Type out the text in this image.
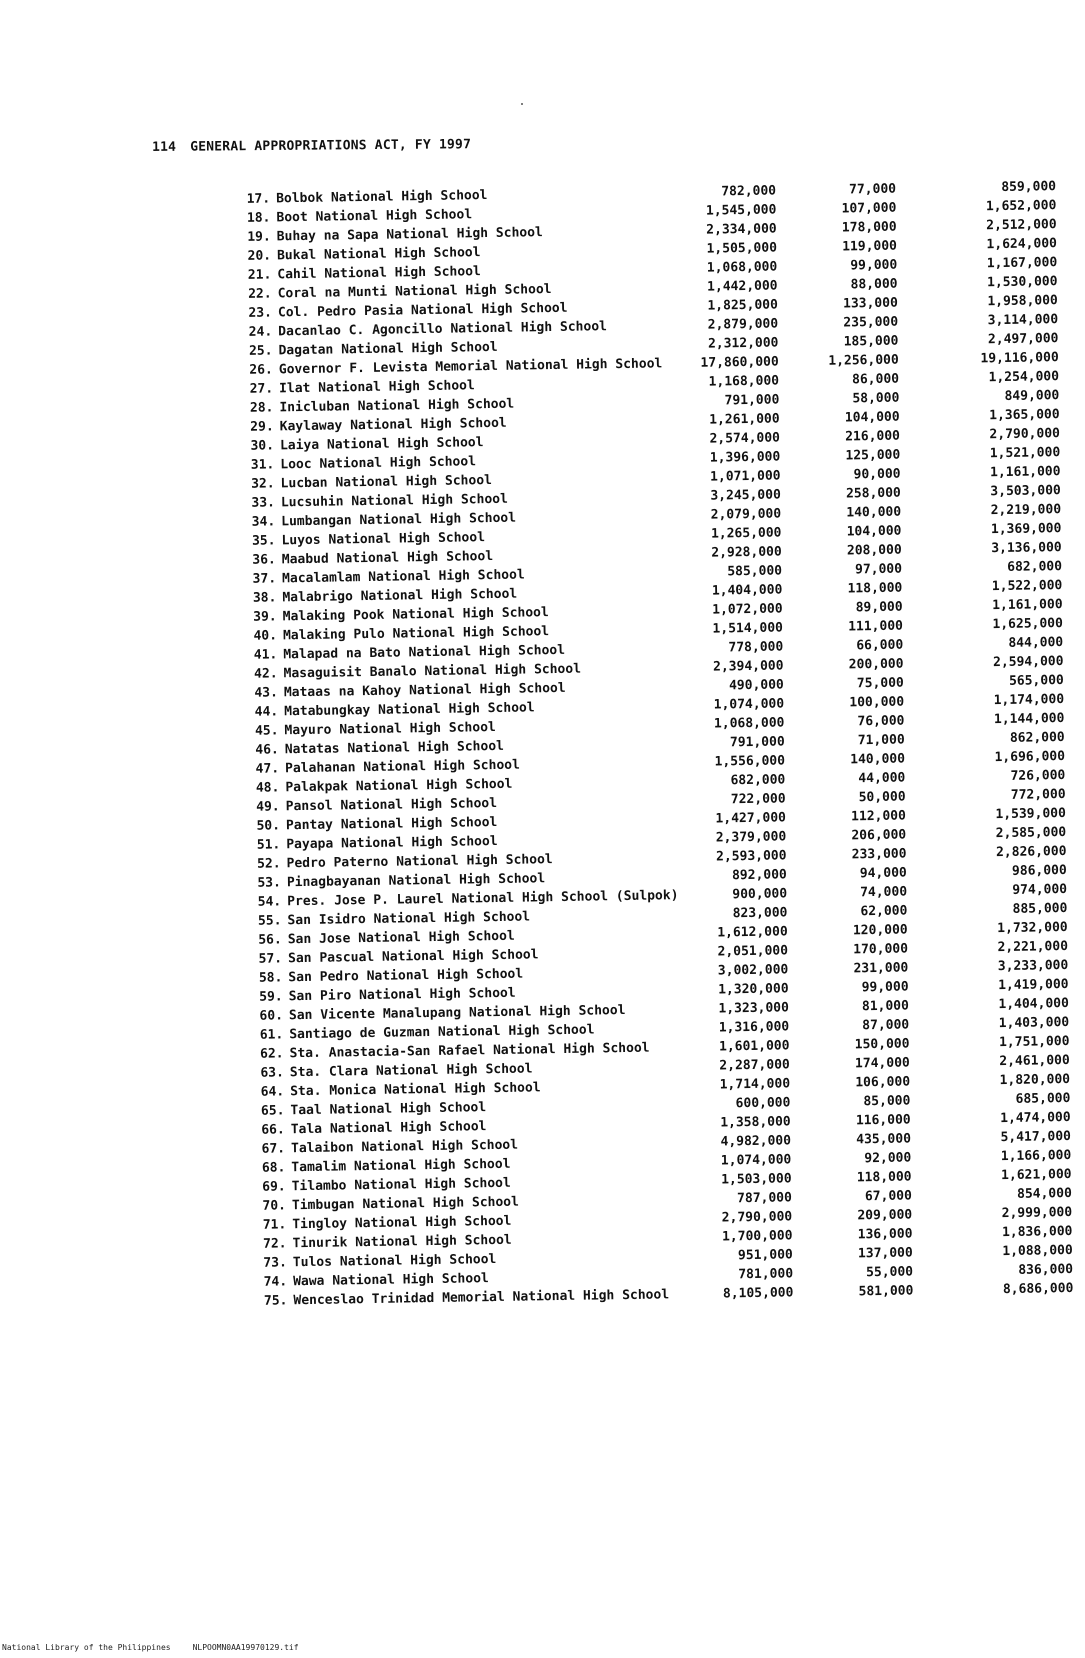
114 GENERAL APPROPRIATIONS ACT, FY 1997
17. Bolbok National High School	782,000	77,000	859,000
18. Boot National High School	1,545,000	107,000	1,652,000
19. Buhay na Sapa National High School	2,334,000	178,000	2,512,000
20. Bukal National High School	1,505,000	119,000	1,624,000
21. Cahil National High School	1,068,000	99,000	1,167,000
22. Coral na Munti National High School	1,442,000	88,000	1,530,000
23. Col. Pedro Pasia National High School	1,825,000	133,000	1,958,000
24. Dacanlao C. Agoncillo National High School	2,879,000	235,000	3,114,000
25. Dagatan National High School	2,312,000	185,000	2,497,000
26. Governor F. Levista Memorial National High School	17,860,000	1,256,000	19,116,000
27. Ilat National High School	1,168,000	86,000	1,254,000
28. Inicluban National High School	791,000	58,000	849,000
29. Kaylaway National High School	1,261,000	104,000	1,365,000
30. Laiya National High School	2,574,000	216,000	2,790,000
31. Looc National High School	1,396,000	125,000	1,521,000
32. Lucban National High School	1,071,000	90,000	1,161,000
33. Lucsuhin National High School	3,245,000	258,000	3,503,000
34. Lumbangan National High School	2,079,000	140,000	2,219,000
35. Luyos National High School	1,265,000	104,000	1,369,000
36. Maabud National High School	2,928,000	208,000	3,136,000
37. Macalamlam National High School	585,000	97,000	682,000
38. Malabrigo National High School	1,404,000	118,000	1,522,000
39. Malaking Pook National High School	1,072,000	89,000	1,161,000
40. Malaking Pulo National High School	1,514,000	111,000	1,625,000
41. Malapad na Bato National High School	778,000	66,000	844,000
42. Masaguisit Banalo National High School	2,394,000	200,000	2,594,000
43. Mataas na Kahoy National High School	490,000	75,000	565,000
44. Matabungkay National High School	1,074,000	100,000	1,174,000
45. Mayuro National High School	1,068,000	76,000	1,144,000
46. Natatas National High School	791,000	71,000	862,000
47. Palahanan National High School	1,556,000	140,000	1,696,000
48. Palakpak National High School	682,000	44,000	726,000
49. Pansol National High School	722,000	50,000	772,000
50. Pantay National High School	1,427,000	112,000	1,539,000
51. Payapa National High School	2,379,000	206,000	2,585,000
52. Pedro Paterno National High School	2,593,000	233,000	2,826,000
53. Pinagbayanan National High School	892,000	94,000	986,000
54. Pres. Jose P. Laurel National High School (Sulpok)	900,000	74,000	974,000
55. San Isidro National High School	823,000	62,000	885,000
56. San Jose National High School	1,612,000	120,000	1,732,000
57. San Pascual National High School	2,051,000	170,000	2,221,000
58. San Pedro National High School	3,002,000	231,000	3,233,000
59. San Piro National High School	1,320,000	99,000	1,419,000
60. San Vicente Manalupang National High School	1,323,000	81,000	1,404,000
61. Santiago de Guzman National High School	1,316,000	87,000	1,403,000
62. Sta. Anastacia-San Rafael National High School	1,601,000	150,000	1,751,000
63. Sta. Clara National High School	2,287,000	174,000	2,461,000
64. Sta. Monica National High School	1,714,000	106,000	1,820,000
65. Taal National High School	600,000	85,000	685,000
66. Tala National High School	1,358,000	116,000	1,474,000
67. Talaibon National High School	4,982,000	435,000	5,417,000
68. Tamalim National High School	1,074,000	92,000	1,166,000
69. Tilambo National High School	1,503,000	118,000	1,621,000
70. Timbugan National High School	787,000	67,000	854,000
71. Tingloy National High School	2,790,000	209,000	2,999,000
72. Tinurik National High School	1,700,000	136,000	1,836,000
73. Tulos National High School	951,000	137,000	1,088,000
74. Wawa National High School	781,000	55,000	836,000
75. Wenceslao Trinidad Memorial National High School	8,105,000	581,000	8,686,000
National Library of the Philippines	NLPOOMN0AA19970129.tif
